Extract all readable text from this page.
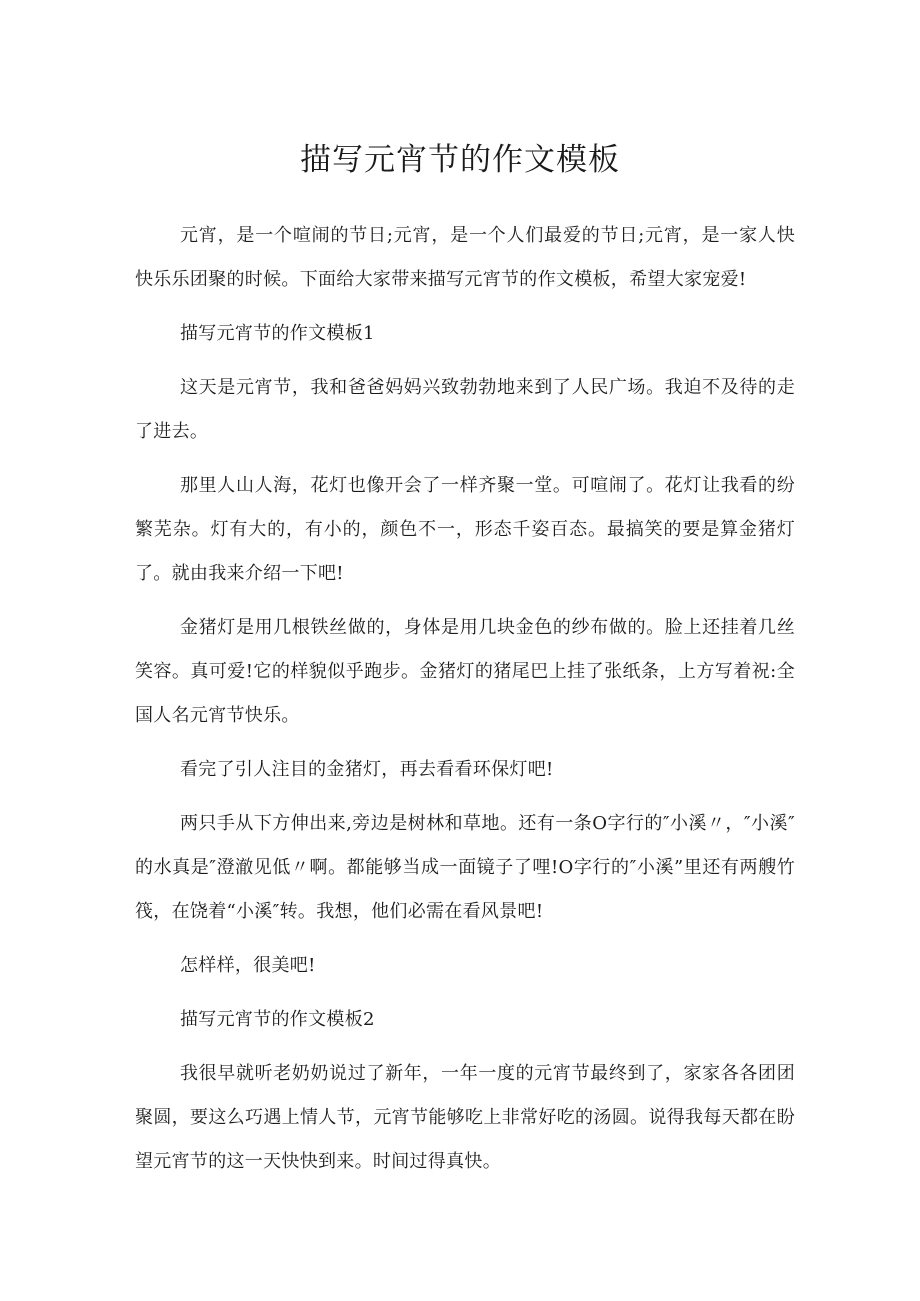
描写元宵节的作文模板

元宵，是一个喧闹的节日;元宵，是一个人们最爱的节日;元宵，是一家人快快乐乐团聚的时候。下面给大家带来描写元宵节的作文模板，希望大家宠爱!

描写元宵节的作文模板1

这天是元宵节，我和爸爸妈妈兴致勃勃地来到了人民广场。我迫不及待的走了进去。

那里人山人海，花灯也像开会了一样齐聚一堂。可喧闹了。花灯让我看的纷繁芜杂。灯有大的，有小的，颜色不一，形态千姿百态。最搞笑的要是算金猪灯了。就由我来介绍一下吧!

金猪灯是用几根铁丝做的，身体是用几块金色的纱布做的。脸上还挂着几丝笑容。真可爱!它的样貌似乎跑步。金猪灯的猪尾巴上挂了张纸条，上方写着祝:全国人名元宵节快乐。

看完了引人注目的金猪灯，再去看看环保灯吧!

两只手从下方伸出来,旁边是树林和草地。还有一条O字行的″小溪〃，″小溪″的水真是″澄澈见低〃啊。都能够当成一面镜子了哩!O字行的″小溪”里还有两艘竹筏，在饶着“小溪″转。我想，他们必需在看风景吧!

怎样样，很美吧!

描写元宵节的作文模板2

我很早就听老奶奶说过了新年，一年一度的元宵节最终到了，家家各各团团聚圆，要这么巧遇上情人节，元宵节能够吃上非常好吃的汤圆。说得我每天都在盼望元宵节的这一天快快到来。时间过得真快。
